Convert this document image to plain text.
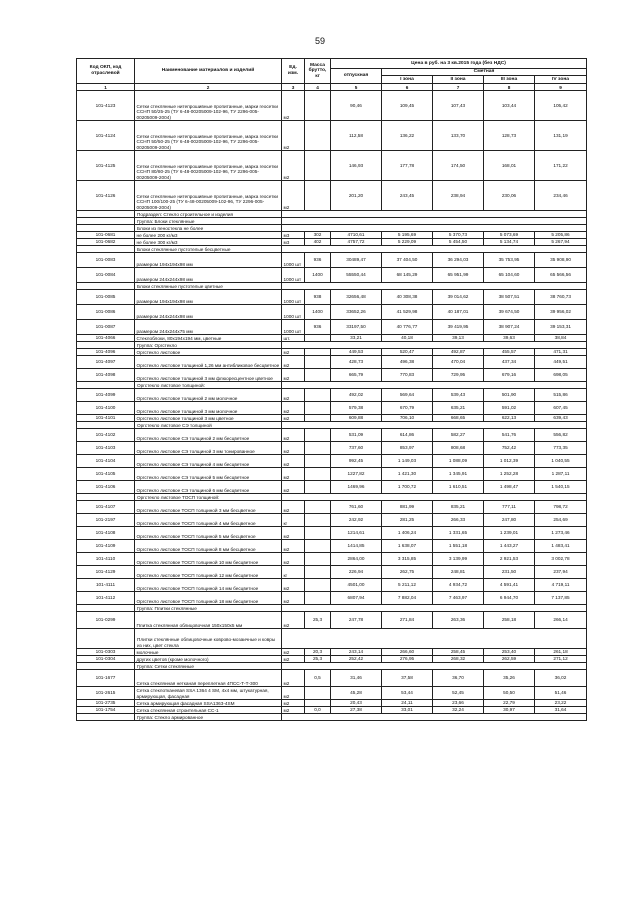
59
Код ОКП, код отраслевой	Наименование материалов и изделий	Ед. изм.	Масса брутто, кг	Цена в руб. на 3 кв.2015 года (без НДС)				
				отпускная	Сметная			
					I зона	II зона	III зона	IV зона
1	2	3	4	5	6	7	8	9
101-4123	Сетки стеклянные нитепрошивные пропитанные, марки геосетки ССНП 50/25-25 (ТУ 6-48-00205009-102-96, ТУ 2296-005-00205009-2004)	м2		90,46	109,45	107,43	103,44	105,42
101-4124	Сетки стеклянные нитепрошивные пропитанные, марка геосетки ССНП 50/50-25 (ТУ 6-48-00205009-102-96, ТУ 2296-005-00205009-2004)	м2		112,58	136,22	133,70	128,73	131,19
101-4125	Сетки стеклянные нитепрошивные пропитанные, марка геосетки ССНП 80/80-25 (ТУ 6-48-00205009-102-96, ТУ 2296-005-00205009-2004)	м2		146,93	177,78	174,50	168,01	171,22
101-4126	Сетки стеклянные нитепрошивные пропитанные, марка геосетки ССНП 100/100-25 (ТУ 6-48-00205009-102-96, ТУ 2296-005-00205009-2004)	м2		201,20	243,45	238,94	230,06	234,46
	Подраздел: Стекло строительное и изделия							
	Группа: Блоки стеклянные							
	Блоки из пеностекла не более							
101-0681	не более 200 кг/м3	м3	302	4710,61	5 195,69	5 370,73	5 073,69	5 205,86
101-0682	не более 300 кг/м3	м3	402	4757,72	5 229,09	5 454,50	5 134,74	5 267,94
	Блоки стеклянные пустотелые бесцветные							
101-0083	размером 194х194х98 мм	1000 шт	936	30489,47	37 404,50	36 294,03	35 753,95	35 908,90
101-0084	размером 244х244х98 мм	1000 шт	1400	55550,44	68 145,29	65 951,99	65 104,60	65 566,56
	Блоки стеклянные пустотелые цветные							
101-0085	размером 194х194х98 мм	1000 шт	938	32656,48	40 308,38	39 014,62	38 507,51	38 760,73
101-0086	размером 244х244х98 мм	1000 шт	1400	33652,26	41 529,98	40 187,01	39 674,50	39 956,02
101-0087	размером 244х244х75 мм	1000 шт	936	33197,50	40 776,77	39 419,95	38 907,24	39 153,31
101-4066	Стеклоблоки, 80х194х194 мм, цветные	шт.		33,21	40,18	39,13	39,63	38,84
	Группа: Оргстекло							
101-4096	Оргстекло листовое	м2		449,53	520,47	492,87	455,57	471,31
101-4097	Оргстекло листовое толщиной 1,26 мм антибликовое бесцветное	м2		428,73	496,38	470,04	437,34	449,51
101-4098	Оргстекло листовое толщиной 3 мм флюоресцентное цветное	м2		665,79	770,83	729,95	679,16	698,05
	Оргстекло листовое толщиной:							
101-4099	Оргстекло листовое толщиной 2 мм молочное	м2		492,02	569,64	539,43	501,90	515,86
101-4100	Оргстекло листовое толщиной 3 мм молочное	м2		579,38	670,79	635,21	591,02	607,45
101-4101	Оргстекло листовое толщиной 3 мм цветное	м2		609,88	706,10	668,65	622,13	639,43
	Оргстекло листовое СЭ толщиной							
101-4102	Оргстекло листовое СЭ толщиной 2 мм бесцветное	м2		531,09	614,86	582,27	541,76	556,82
101-4103	Оргстекло листовое СЭ толщиной 3 мм тонированное	м2		737,60	853,97	808,68	752,42	773,35
101-4104	Оргстекло листовое СЭ толщиной 4 мм бесцветное	м2		992,45	1 149,03	1 088,09	1 012,39	1 040,55
101-4105	Оргстекло листовое СЭ толщиной 5 мм бесцветное	м2		1227,82	1 421,30	1 345,91	1 252,28	1 287,11
101-4106	Оргстекло листовое СЭ толщиной 6 мм бесцветное	м2		1469,96	1 700,72	1 610,51	1 498,47	1 540,15
	Оргстекло листовое ТОСП толщиной:							
101-4107	Оргстекло листовое ТОСП толщиной 3 мм бесцветное	м2		761,60	881,99	835,21	777,11	798,72
101-2197	Оргстекло листовое ТОСП толщиной 4 мм бесцветное	кг		242,92	281,25	266,33	247,80	254,69
101-4108	Оргстекло листовое ТОСП толщиной 5 мм бесцветное	м2		1214,61	1 406,24	1 331,65	1 239,01	1 273,46
101-4109	Оргстекло листовое ТОСП толщиной 8 мм бесцветное	м2		1414,85	1 638,07	1 551,18	1 443,27	1 483,41
101-4110	Оргстекло листовое ТОСП толщиной 10 мм бесцветное	м2		2864,00	3 315,85	3 139,99	2 921,53	3 002,78
101-4129	Оргстекло листовое ТОСП толщиной 12 мм бесцветное	кг		226,94	262,75	248,81	231,50	237,94
101-4111	Оргстекло листовое ТОСП толщиной 14 мм бесцветное	м2		4501,00	5 211,12	4 934,72	4 591,41	4 719,11
101-4112	Оргстекло листовое ТОСП толщиной 18 мм бесцветное	м2		6807,94	7 882,04	7 463,97	6 944,70	7 137,85
	Группа: Плитки стеклянные							
101-0299	Плитка стеклянная облицовочная 150х150х5 мм	м2	25,3	247,78	271,84	263,36	258,18	266,14
	Плитки стеклянные облицовочные коврово-мозаичные и ковры из них, цвет стекла							
101-0303	молочные	м2	20,3	243,14	266,60	258,45	253,40	261,18
101-0304	других цветов (кроме молочного)	м2	25,3	252,42	276,95	268,32	262,59	271,12
	Группа: Сетки стеклянные							
101-1677	Сетка стеклянная нетканая переплетная 4ПСС-Т-Т-300	м2	0,5	31,46	37,58	36,70	35,26	36,02
101-2615	Сетка стеклотканевая SSA 1364 4 SM, 4х4 мм, штукатурная, армирующая, фасадная	м2		45,28	53,44	52,45	50,50	51,46
101-2735	Сетка армирующая фасадная SSA1363-4SM	м2		20,43	24,11	23,66	22,79	23,22
101-1754	Сетка стеклянная строительная СС-1	м2	0,0	27,38	33,01	32,24	30,97	31,64
	Группа: Стекло армированное							
